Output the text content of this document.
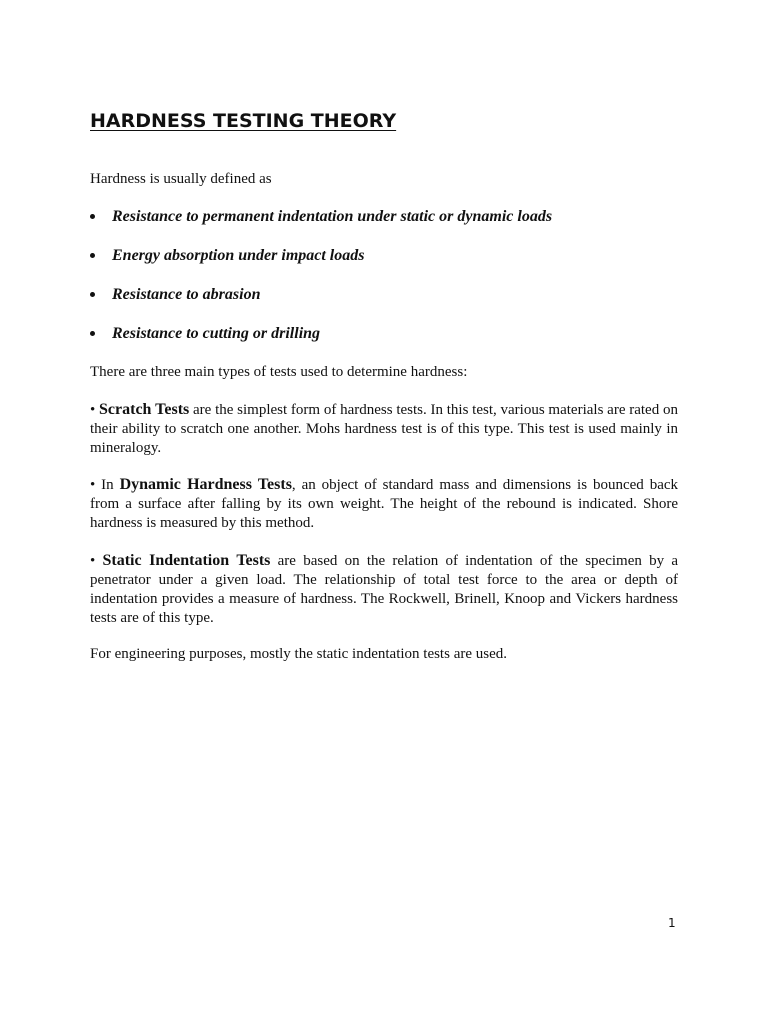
HARDNESS TESTING THEORY

Hardness is usually defined as

Resistance to permanent indentation under static or dynamic loads
Energy absorption under impact loads
Resistance to abrasion
Resistance to cutting or drilling

There are three main types of tests used to determine hardness:

• Scratch Tests are the simplest form of hardness tests. In this test, various materials are rated on their ability to scratch one another. Mohs hardness test is of this type. This test is used mainly in mineralogy.

• In Dynamic Hardness Tests, an object of standard mass and dimensions is bounced back from a surface after falling by its own weight. The height of the rebound is indicated. Shore hardness is measured by this method.

• Static Indentation Tests are based on the relation of indentation of the specimen by a penetrator under a given load. The relationship of total test force to the area or depth of indentation provides a measure of hardness. The Rockwell, Brinell, Knoop and Vickers hardness tests are of this type.

For engineering purposes, mostly the static indentation tests are used.

1
